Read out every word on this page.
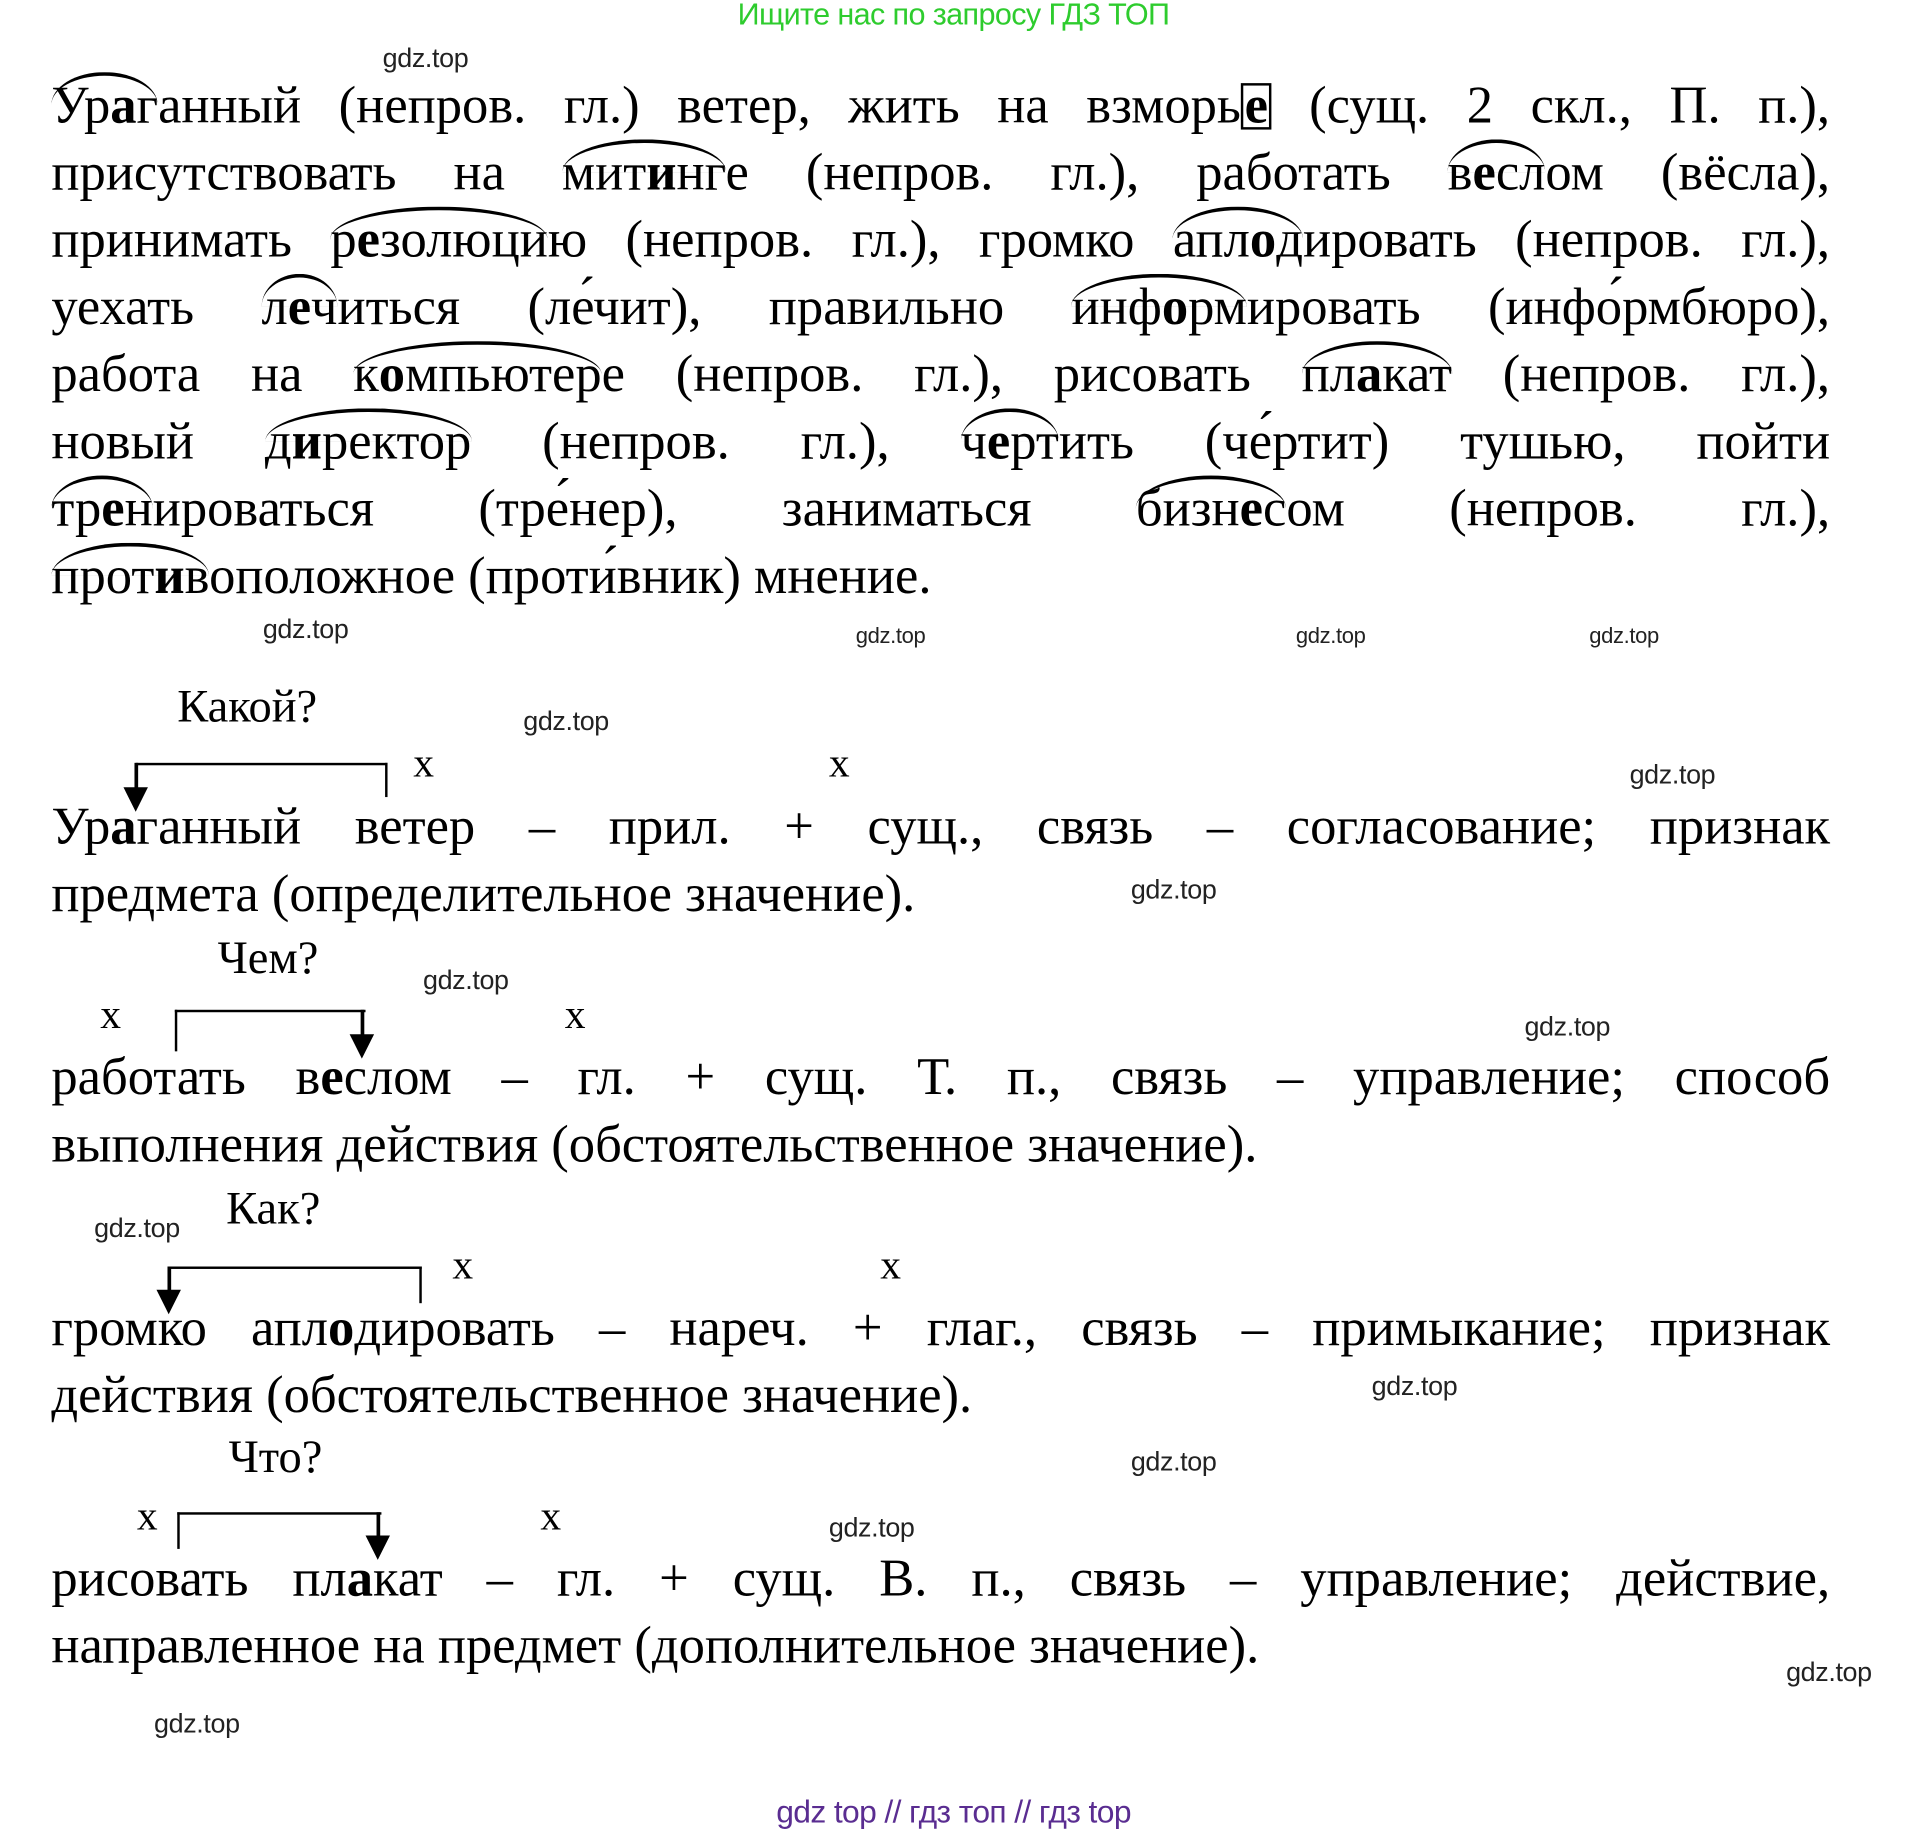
Ищите нас по запросу ГДЗ ТОП
Ураганный (непров. гл.) ветер, жить на взморье (сущ. 2 скл., П. п.),
присутствовать на митинге (непров. гл.), работать веслом (вёсла),
принимать резолюцию (непров. гл.), громко аплодировать (непров. гл.),
уехать лечиться (ле́чит), правильно информировать (инфо́рмбюро),
работа на компьютере (непров. гл.), рисовать плакат (непров. гл.),
новый директор (непров. гл.), чертить (че́ртит) тушью, пойти
тренироваться (тре́нер), заниматься бизнесом (непров. гл.),
противоположное (проти́вник) мнение.
Какой?
х	х
Чем?
х	х
Как?
х	х
Что?
х	х
Ураганный ветер – прил. + сущ., связь – согласование; признак
предмета (определительное значение).
работать веслом – гл. + сущ. Т. п., связь – управление; способ
выполнения действия (обстоятельственное значение).
громко аплодировать – нареч. + глаг., связь – примыкание; признак
действия (обстоятельственное значение).
рисовать плакат – гл. + сущ. В. п., связь – управление; действие,
направленное на предмет (дополнительное значение).
gdz.top
gdz.top
gdz.top
gdz.top
gdz.top
gdz.top
gdz.top
gdz.top
gdz.top
gdz.top
gdz.top
gdz.top
gdz.top
gdz.top
gdz.top
gdz.top
gdz top // гдз топ // гдз top
